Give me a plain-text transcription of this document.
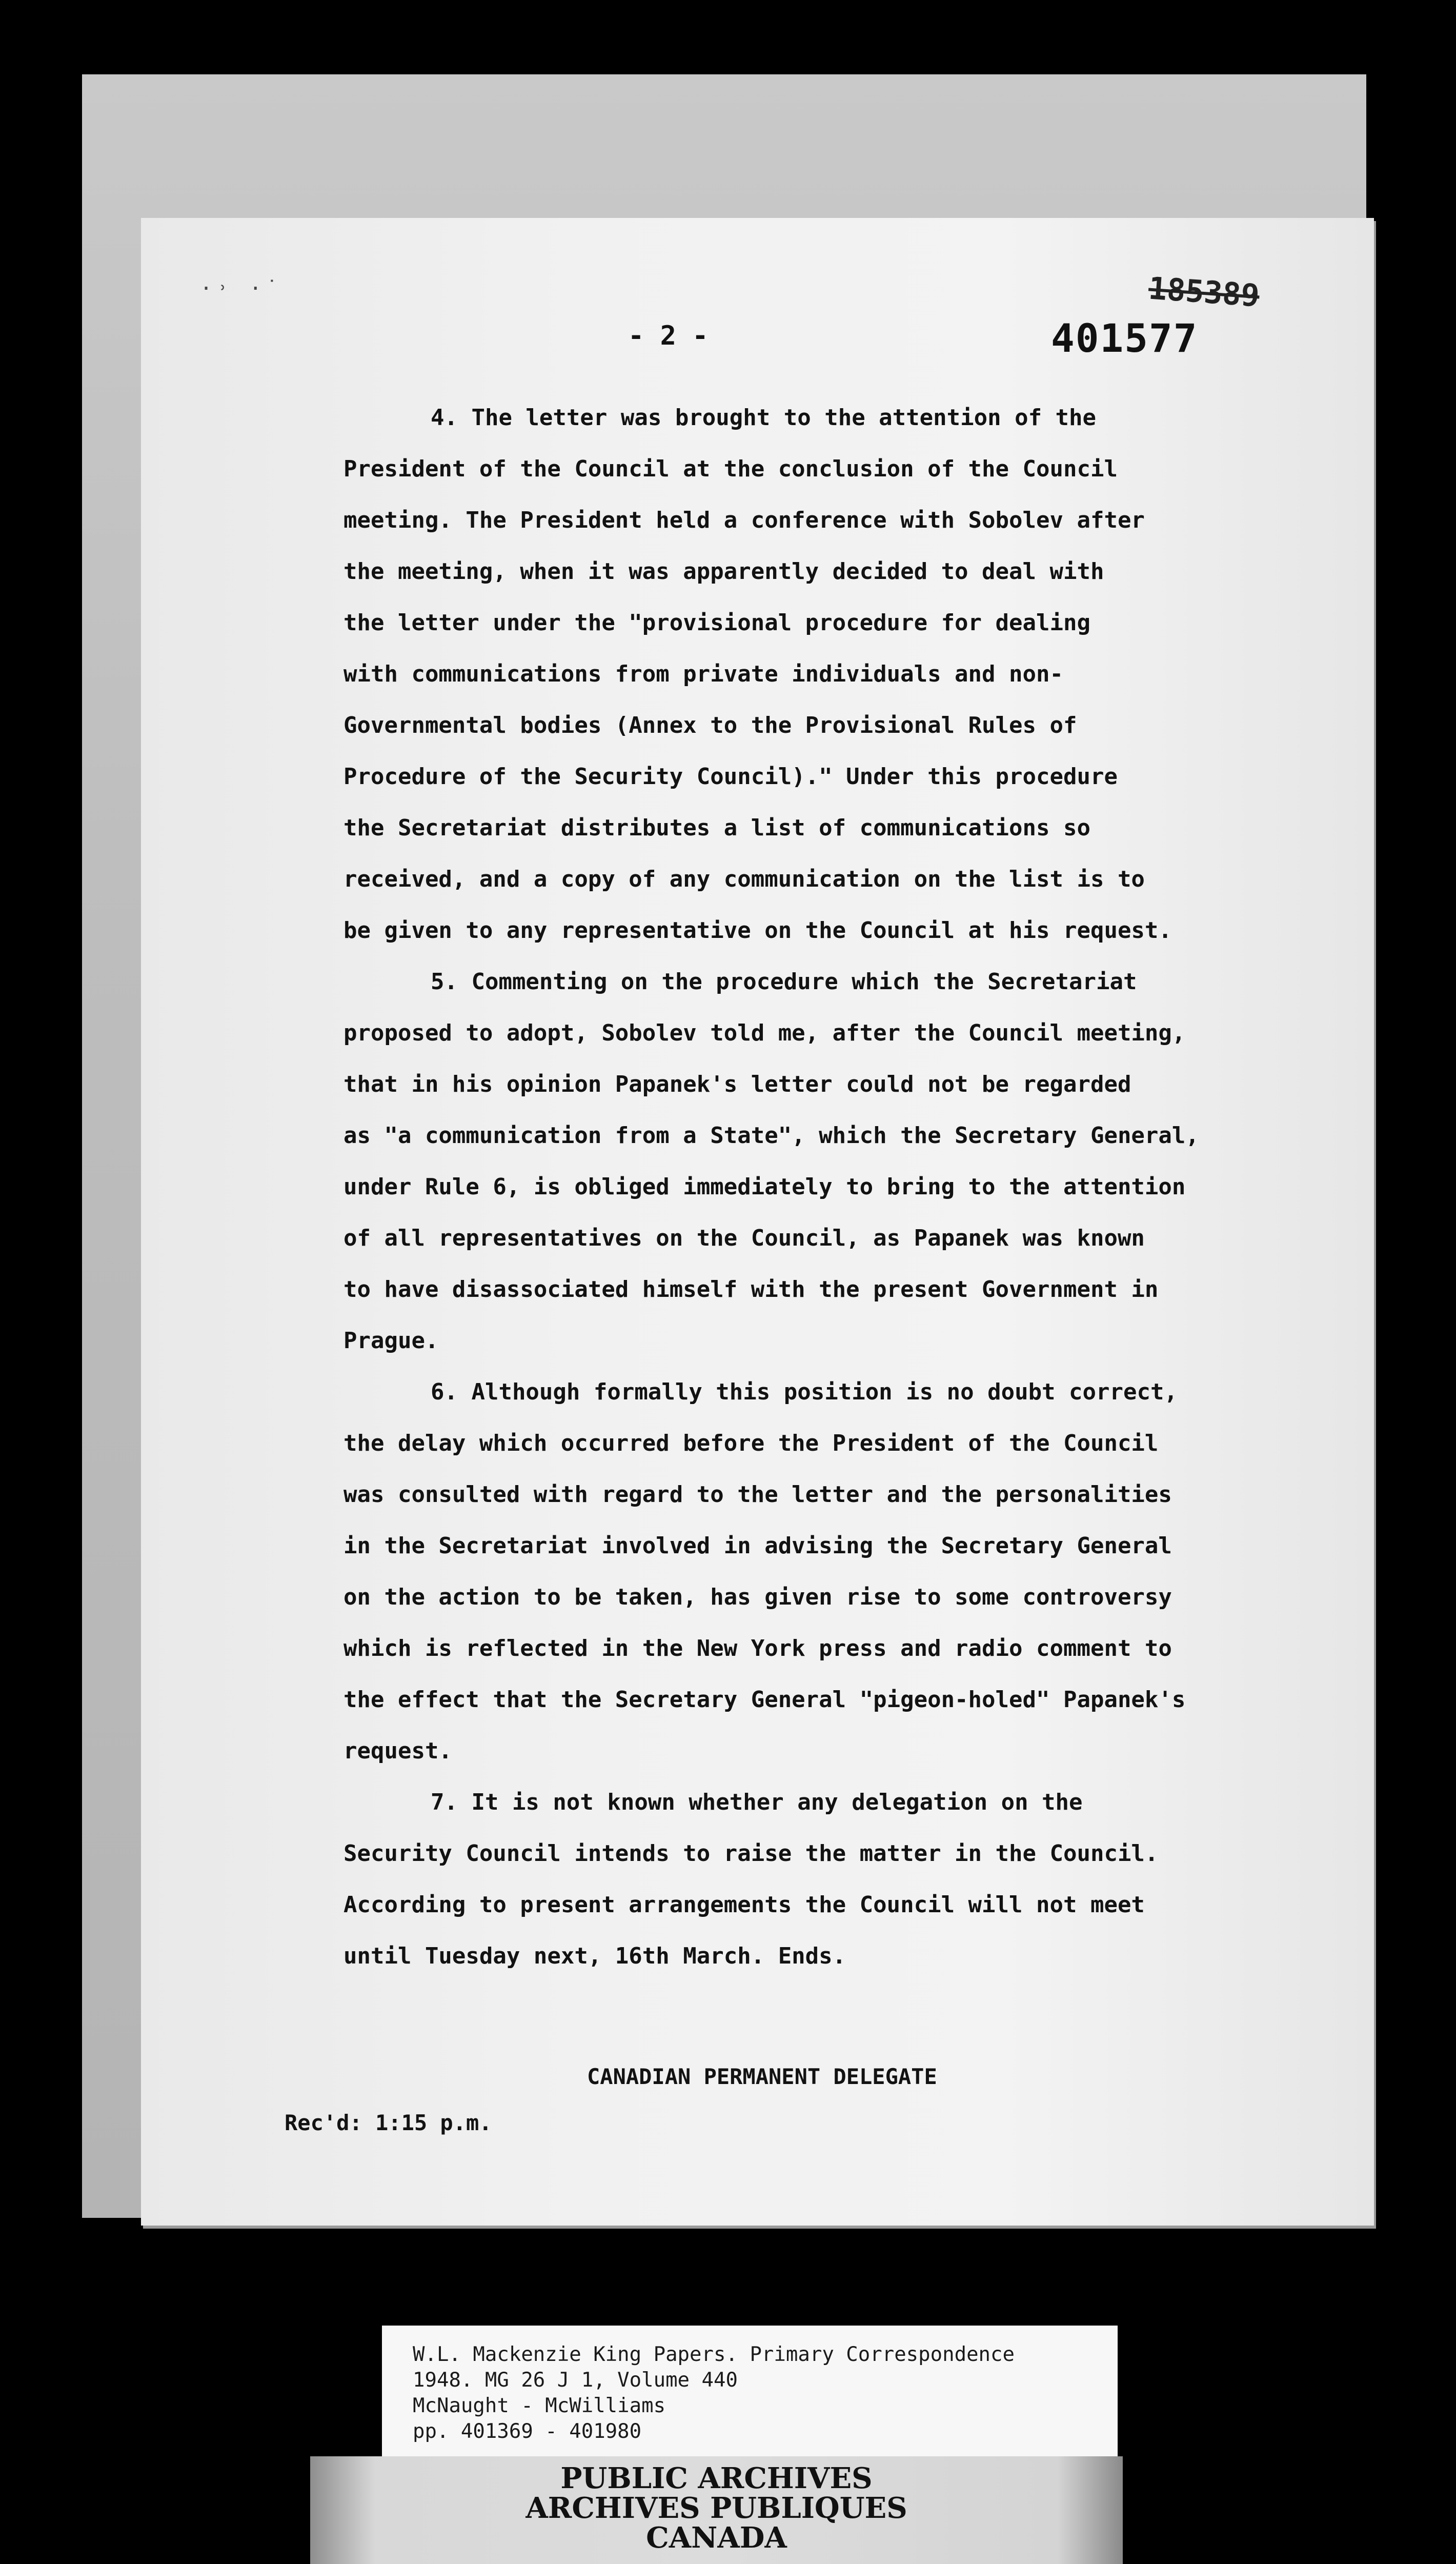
·˒ ·˙	185389
- 2 -	401577
4. The letter was brought to the attention of the
President of the Council at the conclusion of the Council
meeting. The President held a conference with Sobolev after
the meeting, when it was apparently decided to deal with
the letter under the "provisional procedure for dealing
with communications from private individuals and non-
Governmental bodies (Annex to the Provisional Rules of
Procedure of the Security Council)." Under this procedure
the Secretariat distributes a list of communications so
received, and a copy of any communication on the list is to
be given to any representative on the Council at his request.
5. Commenting on the procedure which the Secretariat
proposed to adopt, Sobolev told me, after the Council meeting,
that in his opinion Papanek's letter could not be regarded
as "a communication from a State", which the Secretary General,
under Rule 6, is obliged immediately to bring to the attention
of all representatives on the Council, as Papanek was known
to have disassociated himself with the present Government in
Prague.
6. Although formally this position is no doubt correct,
the delay which occurred before the President of the Council
was consulted with regard to the letter and the personalities
in the Secretariat involved in advising the Secretary General
on the action to be taken, has given rise to some controversy
which is reflected in the New York press and radio comment to
the effect that the Secretary General "pigeon-holed" Papanek's
request.
7. It is not known whether any delegation on the
Security Council intends to raise the matter in the Council.
According to present arrangements the Council will not meet
until Tuesday next, 16th March. Ends.
CANADIAN PERMANENT DELEGATE
Rec'd: 1:15 p.m.
W.L. Mackenzie King Papers. Primary Correspondence
1948. MG 26 J 1, Volume 440
McNaught - McWilliams
pp. 401369 - 401980
PUBLIC ARCHIVES
ARCHIVES PUBLIQUES
CANADA
